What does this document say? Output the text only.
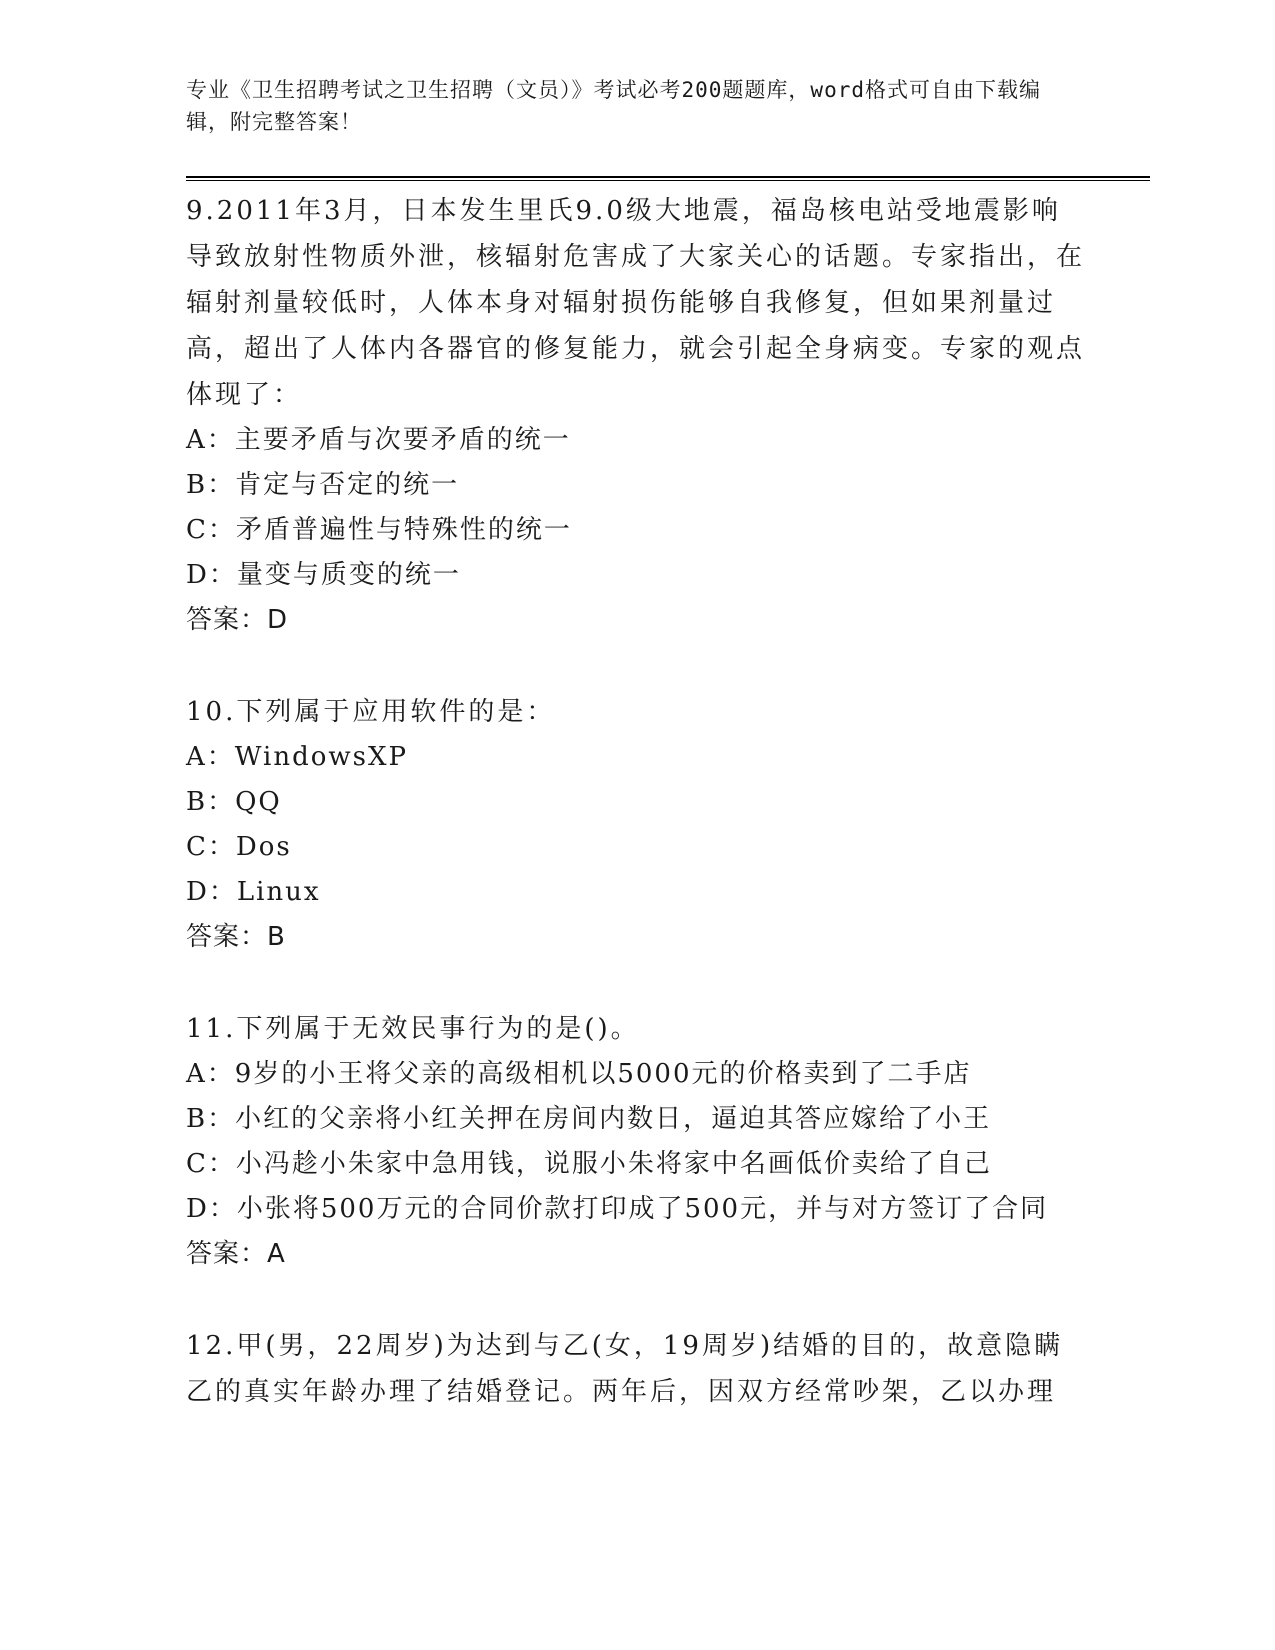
专业《卫生招聘考试之卫生招聘（文员）》考试必考200题题库，word格式可自由下载编辑，附完整答案！

9.2011年3月，日本发生里氏9.0级大地震，福岛核电站受地震影响导致放射性物质外泄，核辐射危害成了大家关心的话题。专家指出，在辐射剂量较低时，人体本身对辐射损伤能够自我修复，但如果剂量过高，超出了人体内各器官的修复能力，就会引起全身病变。专家的观点体现了：

A：主要矛盾与次要矛盾的统一

B：肯定与否定的统一

C：矛盾普遍性与特殊性的统一

D：量变与质变的统一

答案：D

10.下列属于应用软件的是：

A：WindowsXP

B：QQ

C：Dos

D：Linux

答案：B

11.下列属于无效民事行为的是()。

A：9岁的小王将父亲的高级相机以5000元的价格卖到了二手店

B：小红的父亲将小红关押在房间内数日，逼迫其答应嫁给了小王

C：小冯趁小朱家中急用钱，说服小朱将家中名画低价卖给了自己

D：小张将500万元的合同价款打印成了500元，并与对方签订了合同

答案：A

12.甲(男，22周岁)为达到与乙(女，19周岁)结婚的目的，故意隐瞒乙的真实年龄办理了结婚登记。两年后，因双方经常吵架，乙以办理
